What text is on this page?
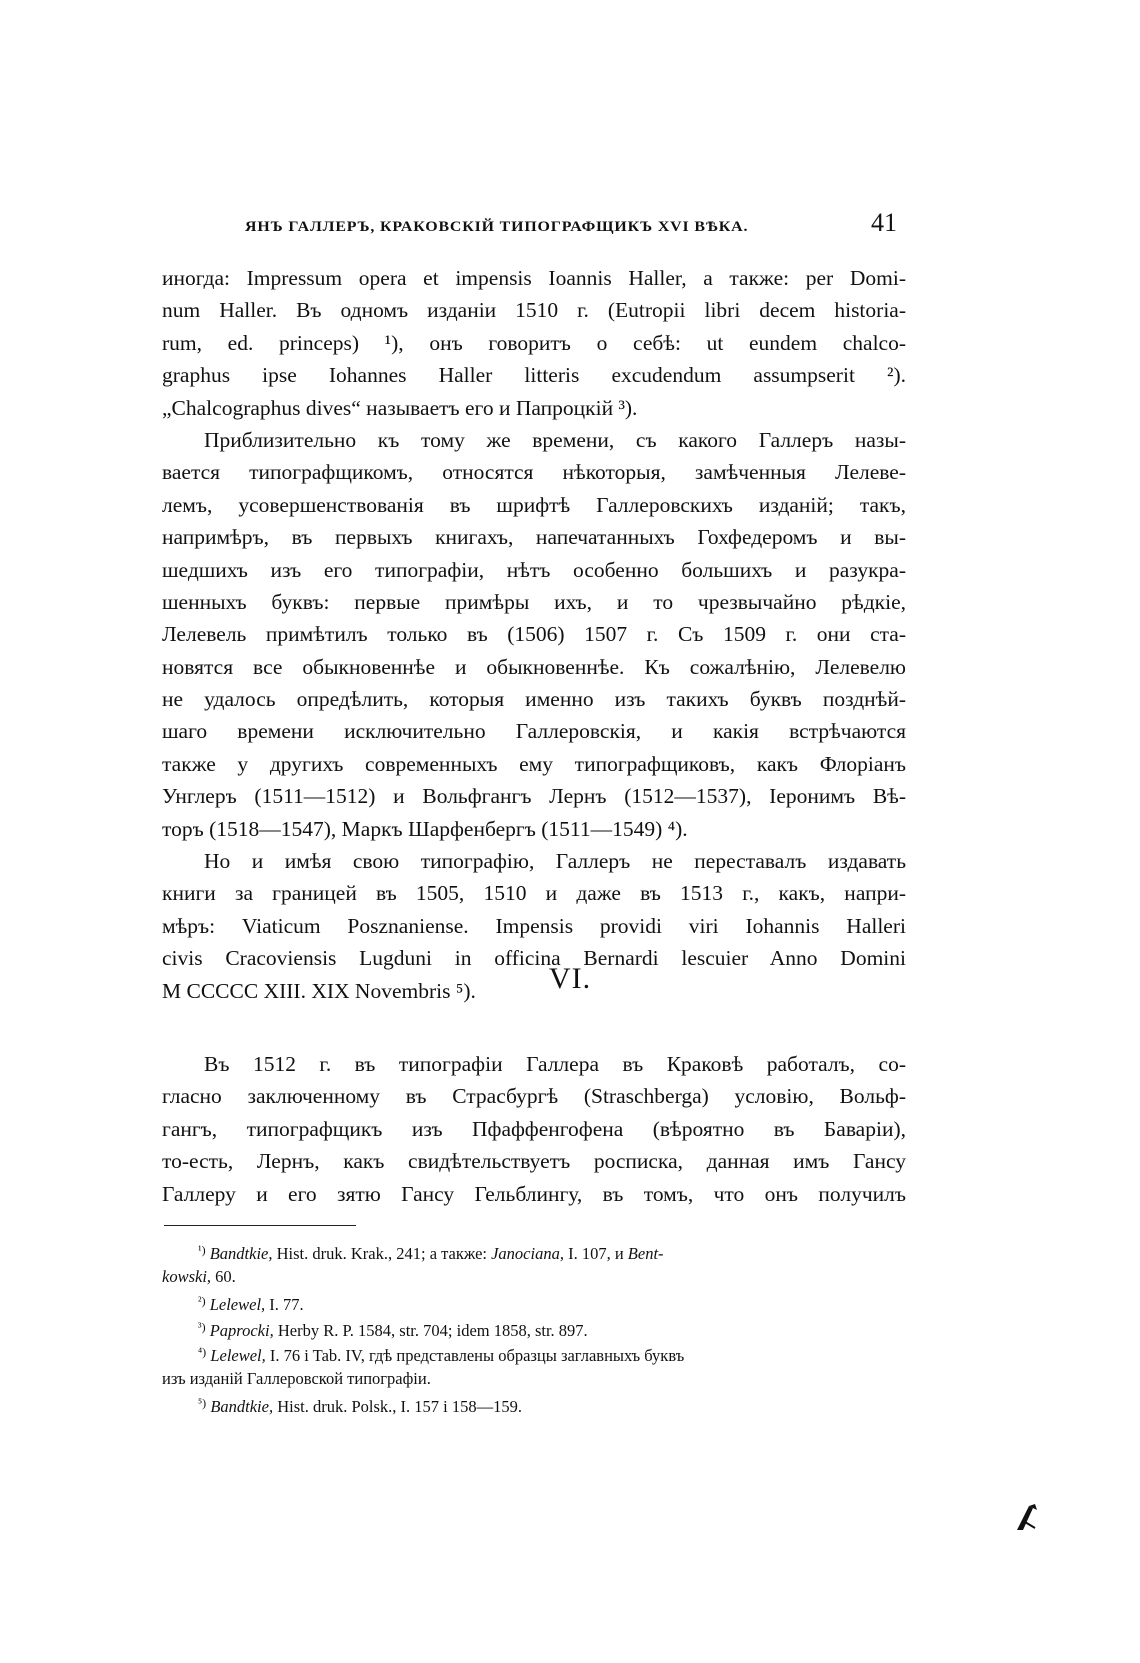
ЯНЪ ГАЛЛЕРЪ, КРАКОВСКІЙ ТИПОГРАФЩИКЪ XVI ВѢКА.	41

иногда: Impressum opera et impensis Ioannis Haller, а также: per Domi-
num Haller. Въ одномъ изданіи 1510 г. (Eutropii libri decem historia-
rum, ed. princeps) ¹), онъ говоритъ о себѣ: ut eundem chalco-
graphus ipse Iohannes Haller litteris excudendum assumpserit ²).
„Chalcographus dives“ называетъ его и Папроцкій ³).

Приблизительно къ тому же времени, съ какого Галлеръ назы-
вается типографщикомъ, относятся нѣкоторыя, замѣченныя Лелеве-
лемъ, усовершенствованія въ шрифтѣ Галлеровскихъ изданій; такъ,
напримѣръ, въ первыхъ книгахъ, напечатанныхъ Гохфедеромъ и вы-
шедшихъ изъ его типографіи, нѣтъ особенно большихъ и разукра-
шенныхъ буквъ: первые примѣры ихъ, и то чрезвычайно рѣдкіе,
Лелевель примѣтилъ только въ (1506) 1507 г. Съ 1509 г. они ста-
новятся все обыкновеннѣе и обыкновеннѣе. Къ сожалѣнію, Лелевелю
не удалось опредѣлить, которыя именно изъ такихъ буквъ позднѣй-
шаго времени исключительно Галлеровскія, и какія встрѣчаются
также у другихъ современныхъ ему типографщиковъ, какъ Флоріанъ
Унглеръ (1511—1512) и Вольфгангъ Лернъ (1512—1537), Іеронимъ Вѣ-
торъ (1518—1547), Маркъ Шарфенбергъ (1511—1549) ⁴).

Но и имѣя свою типографію, Галлеръ не переставалъ издавать
книги за границей въ 1505, 1510 и даже въ 1513 г., какъ, напри-
мѣръ: Viaticum Posznaniense. Impensis providi viri Iohannis Halleri
civis Cracoviensis Lugduni in officina Bernardi lescuier Anno Domini
M CCCCC XIII. XIX Novembris ⁵).	VI.

Въ 1512 г. въ типографіи Галлера въ Краковѣ работалъ, со-
гласно заключенному въ Страсбургѣ (Straschberga) условію, Вольф-
гангъ, типографщикъ изъ Пфаффенгофена (вѣроятно въ Баваріи),
то-есть, Лернъ, какъ свидѣтельствуетъ росписка, данная имъ Гансу
Галлеру и его зятю Гансу Гельблингу, въ томъ, что онъ получилъ

$^{^1)}$ Bandtkie, Hist. druk. Krak., 241; а также: Janociana, I. 107, и Bent-
kowski, 60.
$^{^2)}$ Lelewel, I. 77.
$^{^3)}$ Paprocki, Herby R. P. 1584, str. 704; idem 1858, str. 897.
$^{^4)}$ Lelewel, I. 76 i Tab. IV, гдѣ представлены образцы заглавныхъ буквъ
изъ изданій Галлеровской типографіи.
$^{^5)}$ Bandtkie, Hist. druk. Polsk., I. 157 i 158—159.
